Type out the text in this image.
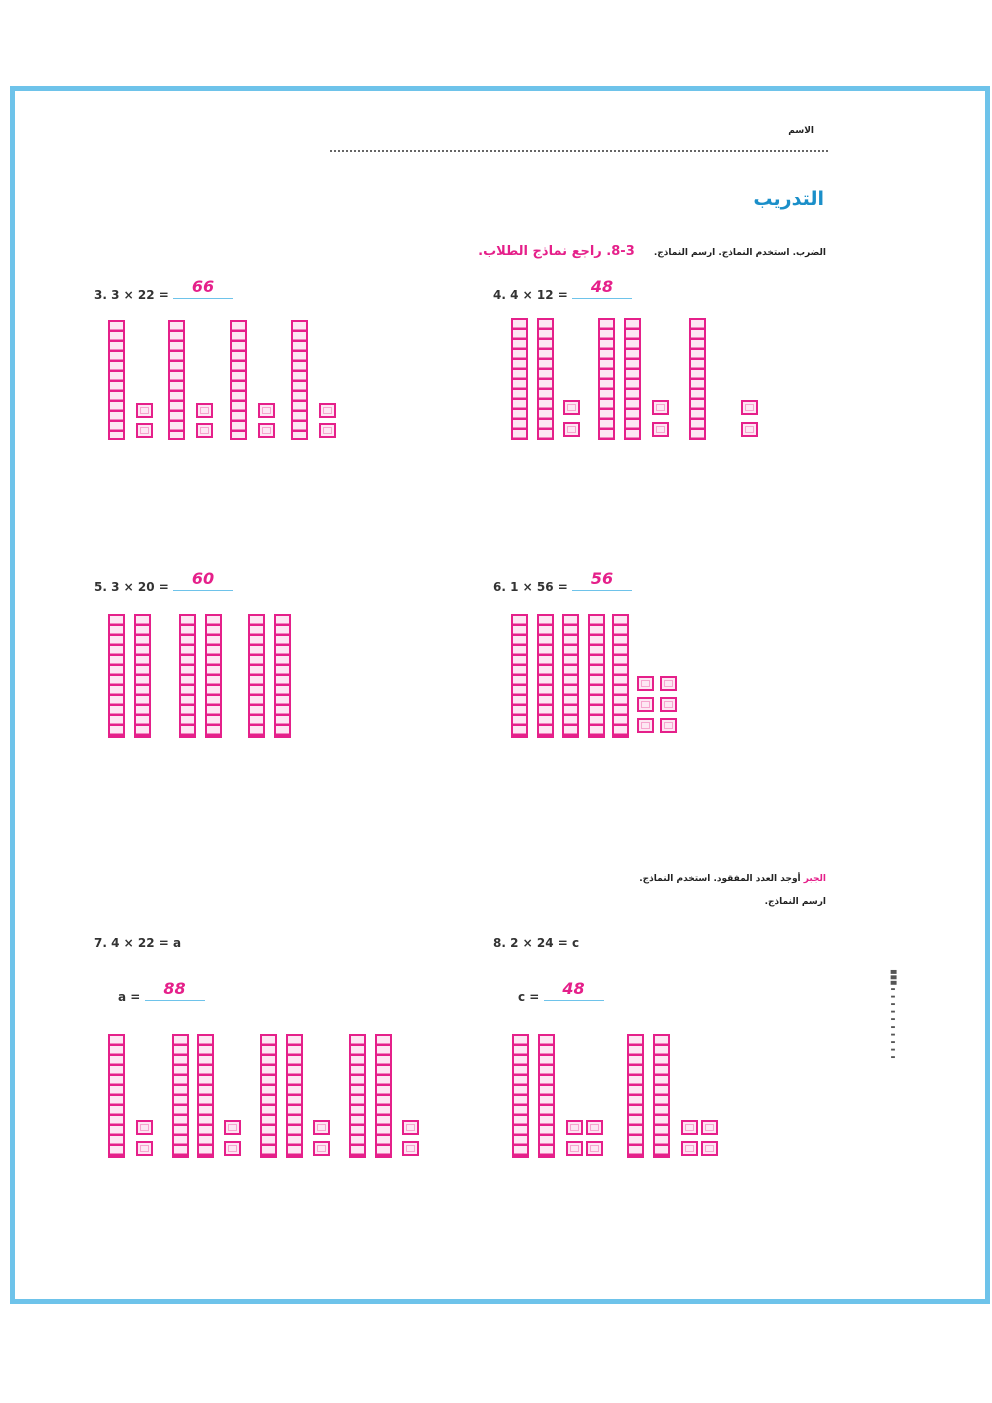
الاسم
التدريب
الضرب. استخدم النماذج. ارسم النماذج. 3-8. راجع نماذج الطلاب.
3. 3 × 22 =	66	4. 4 × 12 =	48
5. 3 × 20 =	60	6. 1 × 56 =	56
الجبر أوجد العدد المفقود. استخدم النماذج.
ارسم النماذج.
7. 4 × 22 = a
a =	88
8. 2 × 24 = c
c =	48	█ █ █ ▬ ▬ ▬ ▬ ▬ ▬ ▬ ▬ ▬ ▬
